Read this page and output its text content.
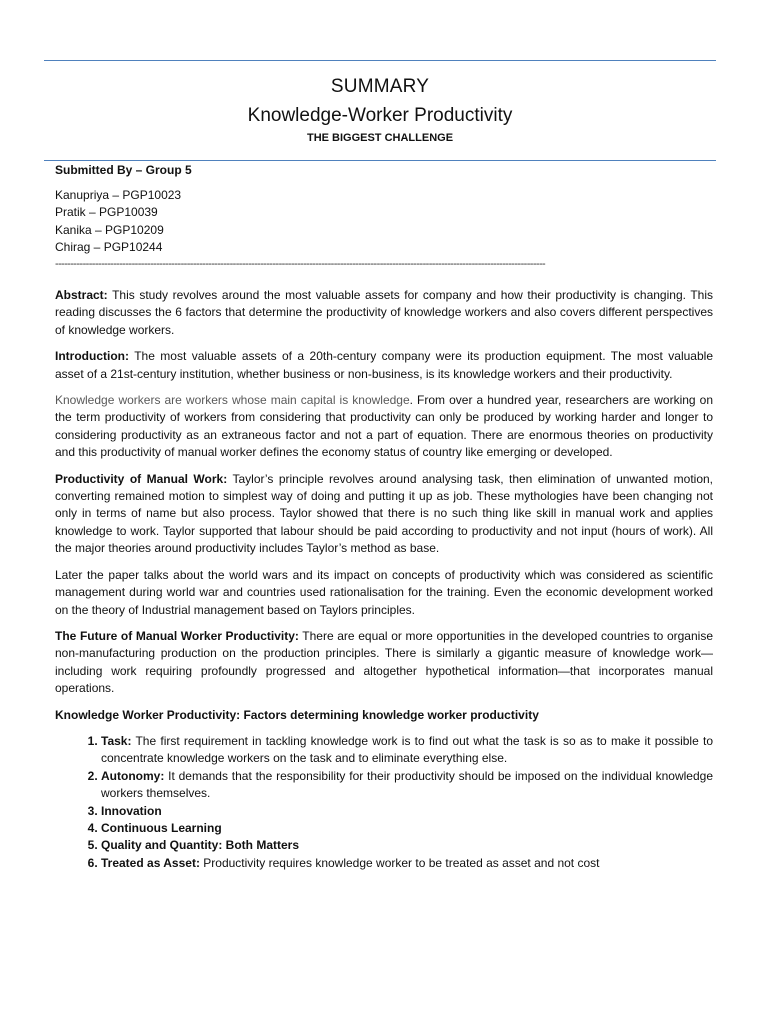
SUMMARY
Knowledge-Worker Productivity
THE BIGGEST CHALLENGE
Submitted By – Group 5
Kanupriya – PGP10023
Pratik – PGP10039
Kanika – PGP10209
Chirag – PGP10244
----------------------------------------------------------------------------------------------------------------------------------------------------------------

Abstract: This study revolves around the most valuable assets for company and how their productivity is changing. This reading discusses the 6 factors that determine the productivity of knowledge workers and also covers different perspectives of knowledge workers.

Introduction: The most valuable assets of a 20th-century company were its production equipment. The most valuable asset of a 21st-century institution, whether business or non-business, is its knowledge workers and their productivity.

Knowledge workers are workers whose main capital is knowledge. From over a hundred year, researchers are working on the term productivity of workers from considering that productivity can only be produced by working harder and longer to considering productivity as an extraneous factor and not a part of equation. There are enormous theories on productivity and this productivity of manual worker defines the economy status of country like emerging or developed.

Productivity of Manual Work: Taylor’s principle revolves around analysing task, then elimination of unwanted motion, converting remained motion to simplest way of doing and putting it up as job. These mythologies have been changing not only in terms of name but also process. Taylor showed that there is no such thing like skill in manual work and applies knowledge to work. Taylor supported that labour should be paid according to productivity and not input (hours of work). All the major theories around productivity includes Taylor’s method as base.

Later the paper talks about the world wars and its impact on concepts of productivity which was considered as scientific management during world war and countries used rationalisation for the training. Even the economic development worked on the theory of Industrial management based on Taylors principles.

The Future of Manual Worker Productivity: There are equal or more opportunities in the developed countries to organise non-manufacturing production on the production principles. There is similarly a gigantic measure of knowledge work—including work requiring profoundly progressed and altogether hypothetical information—that incorporates manual operations.

Knowledge Worker Productivity: Factors determining knowledge worker productivity
1. Task: The first requirement in tackling knowledge work is to find out what the task is so as to make it possible to concentrate knowledge workers on the task and to eliminate everything else.
2. Autonomy: It demands that the responsibility for their productivity should be imposed on the individual knowledge workers themselves.
3. Innovation
4. Continuous Learning
5. Quality and Quantity: Both Matters
6. Treated as Asset: Productivity requires knowledge worker to be treated as asset and not cost
